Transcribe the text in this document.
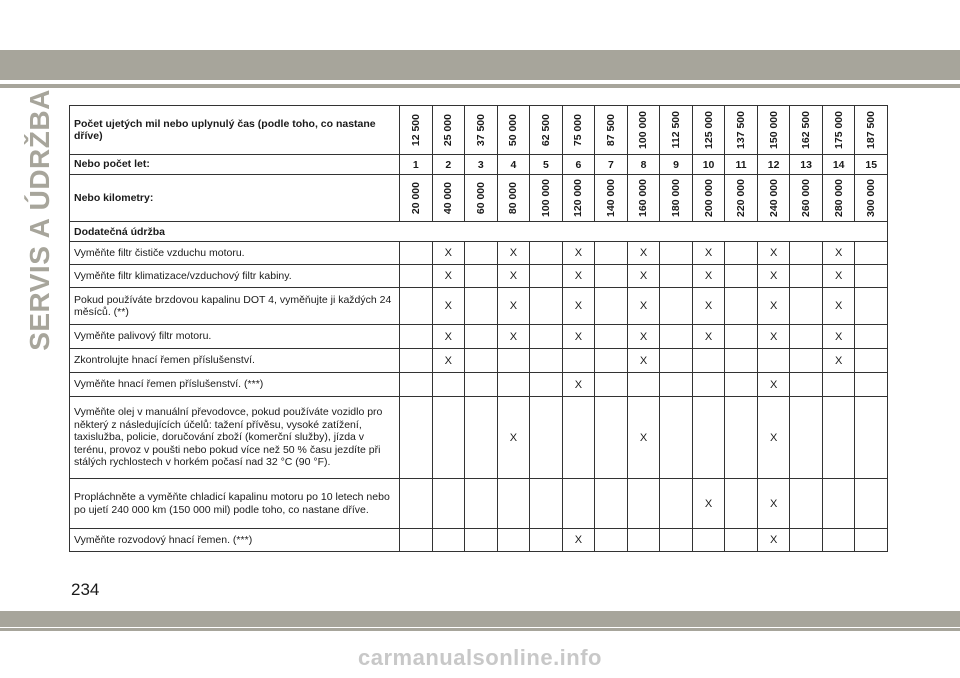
SERVIS A ÚDRŽBA Počet ujetých mil nebo uplynulý čas (podle toho, co nastane dříve)	12 500	25 000	37 500	50 000	62 500	75 000	87 500	100 000	112 500	125 000	137 500	150 000	162 500	175 000	187 500

Nebo počet let:	1	2	3	4	5	6	7	8	9	10	11	12	13	14	15
Nebo kilometry:	20 000	40 000	60 000	80 000	100 000	120 000	140 000	160 000	180 000	200 000	220 000	240 000	260 000	280 000	300 000

Dodatečná údržba															
Vyměňte filtr čističe vzduchu motoru.		X		X		X		X		X		X		X	
Vyměňte filtr klimatizace/vzduchový filtr kabiny.		X		X		X		X		X		X		X	
Pokud používáte brzdovou kapalinu DOT 4, vyměňujte ji každých 24 měsíců. (**)		X		X		X		X		X		X		X	
Vyměňte palivový filtr motoru.		X		X		X		X		X		X		X	
Zkontrolujte hnací řemen příslušenství.		X						X						X	
Vyměňte hnací řemen příslušenství. (***)						X						X			
Vyměňte olej v manuální převodovce, pokud používáte vozidlo pro některý z následujících účelů: tažení přívěsu, vysoké zatížení, taxislužba, policie, doručování zboží (komerční služby), jízda v terénu, provoz v poušti nebo pokud více než 50 % času jezdíte při stálých rychlostech v horkém počasí nad 32 °C (90 °F).				X				X				X			
Propláchněte a vyměňte chladicí kapalinu motoru po 10 letech nebo po ujetí 240 000 km (150 000 mil) podle toho, co nastane dříve.										X		X			
Vyměňte rozvodový hnací řemen. (***)						X						X			
234
carmanualsonline.info
